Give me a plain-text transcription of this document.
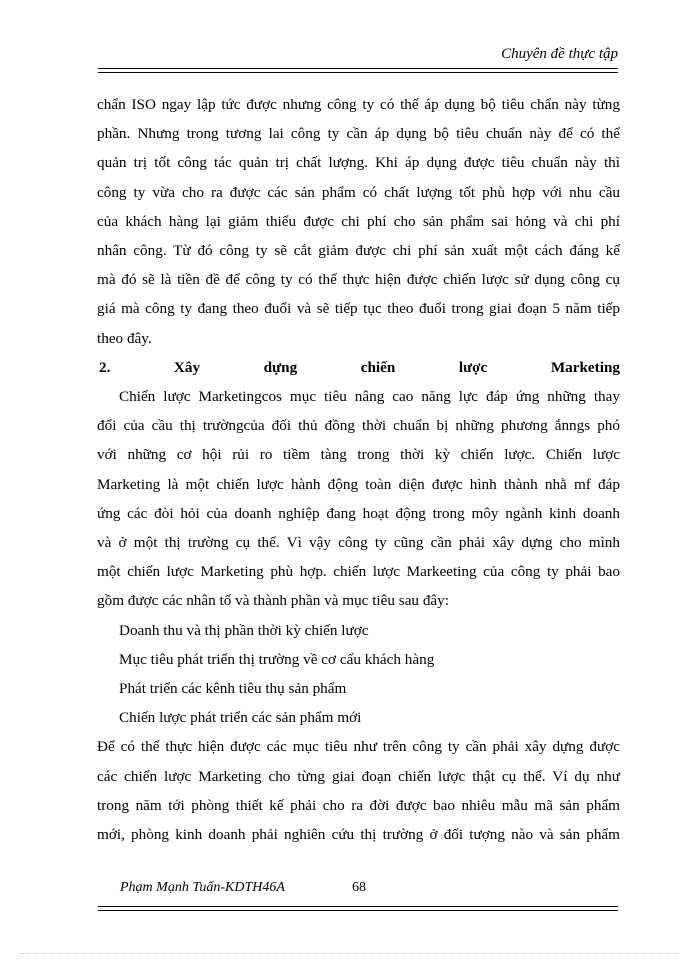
Chuyên đề thực tập

chẩn ISO ngay lập tức được nhưng công ty có thể áp dụng bộ tiêu chẩn này từng

phần. Nhưng trong tương lai công ty cần áp dụng bộ tiêu chuẩn này để có thể

quản trị tốt công tác quản trị chất lượng. Khi áp dụng được tiêu chuẩn này thì

công ty vừa cho ra được các sản phẩm có chất lượng tốt phù hợp với nhu cầu

của khách hàng lại giảm thiểu được chi phí cho sản phẩm sai hỏng và chi phí

nhân công. Từ đó công ty sẽ cắt giảm được chi phí sản xuất một cách đáng kể

mà đó sẽ là tiền đề để công ty có thể thực hiện được chiến lược sử dụng công cụ

giá mà công ty đang theo đuổi và sẽ tiếp tục theo đuổi trong giai đoạn 5 năm tiếp

theo đây.

2. Xây dựng chiến lược Marketing

Chiến lược Marketingcos mục tiêu nâng cao năng lực đáp ứng những thay

đổi của cầu thị trườngcủa đối thủ đồng thời chuẩn bị những phương ắnngs phó

với những cơ hội rủi ro tiềm tàng trong thời kỳ chiến lược. Chiến lược

Marketing là một chiến lược hành động toàn diện được hình thành nhằ mf đáp

ứng các đòi hỏi của doanh nghiệp đang hoạt động trong môy ngành kinh doanh

và ở một thị trường cụ thể. Vì vậy công ty cũng cần phải xây dựng cho mình

một chiến lược Marketing phù hợp. chiến lược Markeeting của công ty phải bao

gồm được các nhân tố và thành phần và mục tiêu sau đây:

Doanh thu và thị phần thời kỳ chiến lược

Mục tiêu phát triển thị trường về cơ cấu khách hàng

Phát triển các kênh tiêu thụ sản phẩm

Chiến lược phát triển các sản phẩm mới

Để có thể thực hiện được các mục tiêu như trên công ty cần phải xây dựng được

các chiến lược Marketing cho từng giai đoạn chiến lược thật cụ thể. Ví dụ như

trong năm tới phòng thiết kế phải cho ra đời được bao nhiêu mẫu mã sản phẩm

mới, phòng kinh doanh phải nghiên cứu thị trường ở đối tượng nào và sản phẩm

Phạm Mạnh Tuấn-KDTH46A	68
